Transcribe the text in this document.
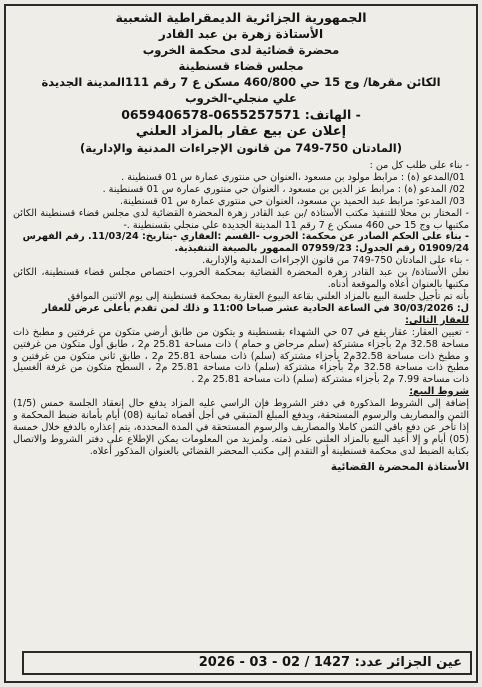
الجمهورية الجزائرية الديمقراطية الشعبية
الأستاذة زهرة بن عبد القادر
محضرة قضائية لدى محكمة الخروب
مجلس قضاء قسنطينة
الكائن مقرها/ وج 15 حي 460/800 مسكن ع 7 رقم 111المدينة الجديدة
علي منجلي-الخروب
- الهاتف: 0655257571-0659406578
إعلان عن بيع عقار بالمزاد العلني
(المادتان 750-749 من قانون الإجراءات المدنية والإدارية)

- بناء على طلب كل من :

01/المدعو (ة) : مرابط مولود بن مسعود ،العنوان حي منتوري عمارة س 01 قسنطينة .

02/ المدعو (ة) : مرابط عز الدين بن مسعود ، العنوان حي منتوري عمارة س 01 قسنطينة .

03/ المدعو: مرابط عبد الحميد بن مسعود، العنوان حي منتوري عمارة س 01 قسنطينة.

- المختار بن محلا للتنفيذ مكتب الأستاذة /بن عبد القادر زهرة المحضرة القضائية لدى مجلس قضاء قسنطينة الكائن مكتبها ب وج 15 حي 460 مسكن ع 7 رقم 11 المدينة الجديدة علي منجلي بقسنطينة .-

- بناء على الحكم الصادر عن محكمة: الخروب -القسم :العقاري -بتاريخ: 11/03/24. رقم الفهرس

01909/24 رقم الجدول: 07959/23 الممهور بالصيغة التنفيذية.

- بناء على المادتان 750-749 من قانون الإجراءات المدنية والإدارية.

نعلن الأستاذة/ بن عبد القادر زهرة المحضرة القضائية بمحكمة الخروب اختصاص مجلس قضاء قسنطينة، الكائن مكتبها بالعنوان أعلاه والموقعة أدناه.

بأنه تم تأجيل جلسة البيع بالمزاد العلني بقاعة البيوع العقارية بمحكمة قسنطينة إلى يوم الاثنين الموافق

ل: 30/03/2026 في الساعة الحادية عشر صباحا 11:00 و ذلك لمن تقدم بأعلى عرض للعقار

للعقار التالي:

- تعيين العقار: عقار يقع في 07 حي الشهداء بقسنطينة و يتكون من طابق أرضي متكون من غرفتين و مطبخ ذات مساحة 32.58 م2 بأجزاء مشتركة (سلم مرحاض و حمام ) ذات مساحة 25.81 م2 ، طابق أول متكون من غرفتين و مطبخ ذات مساحة 32.58م2 بأجزاء مشتركة (سلم) ذات مساحة 25.81 م2 ، طابق ثاني متكون من غرفتين و مطبخ ذات مساحة 32.58 م2 بأجزاء مشتركة (سلم) ذات مساحة 25.81 م2 ، السطح متكون من غرفة الغسيل ذات مساحة 7.99 م2 بأجزاء مشتركة (سلم) ذات مساحة 25.81 م2 .

شروط البيع:

إضافة إلى الشروط المذكورة في دفتر الشروط فإن الراسي عليه المزاد يدفع حال إنعقاد الجلسة خمس (1/5) الثمن والمصاريف والرسوم المستحقة، ويدفع المبلغ المتبقي في أجل أقصاه ثمانية (08) أيام بأمانة ضبط المحكمة و إذا تأخر عن دفع باقي الثمن كاملا والمصاريف والرسوم المستحقة في المدة المحددة، يتم إعذاره بالدفع خلال خمسة (05) أيام و إلا أعيد البيع بالمزاد العلني على ذمته. ولمزيد من المعلومات يمكن الإطلاع على دفتر الشروط والاتصال بكتابة الضبط لدى محكمة قسنطينة أو التقدم إلى مكتب المحضر القضائي بالعنوان المذكور أعلاه.

الأستاذة المحضرة القضائية
عين الجزائر عدد: 1427 / 02 - 03 - 2026
